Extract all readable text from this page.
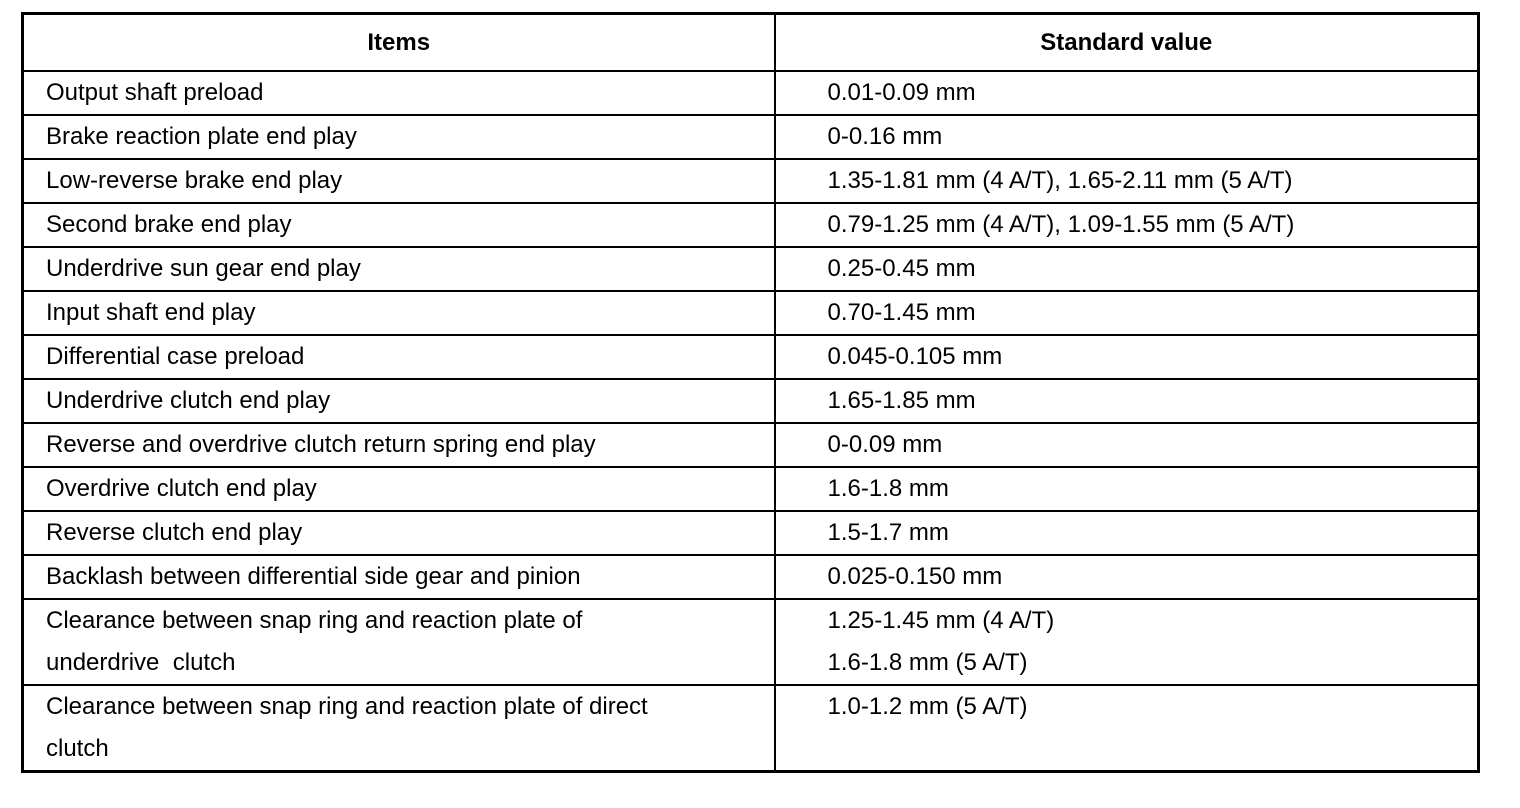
Items	Standard value

Output shaft preload	0.01-0.09 mm

Brake reaction plate end play	0-0.16 mm

Low-reverse brake end play	1.35-1.81 mm (4 A/T), 1.65-2.11 mm (5 A/T)

Second brake end play	0.79-1.25 mm (4 A/T), 1.09-1.55 mm (5 A/T)

Underdrive sun gear end play	0.25-0.45 mm

Input shaft end play	0.70-1.45 mm

Differential case preload	0.045-0.105 mm

Underdrive clutch end play	1.65-1.85 mm

Reverse and overdrive clutch return spring end play	0-0.09 mm

Overdrive clutch end play	1.6-1.8 mm

Reverse clutch end play	1.5-1.7 mm

Backlash between differential side gear and pinion	0.025-0.150 mm

Clearance between snap ring and reaction plate of
underdrive  clutch	1.25-1.45 mm (4 A/T)
1.6-1.8 mm (5 A/T)

Clearance between snap ring and reaction plate of direct
clutch	1.0-1.2 mm (5 A/T)
